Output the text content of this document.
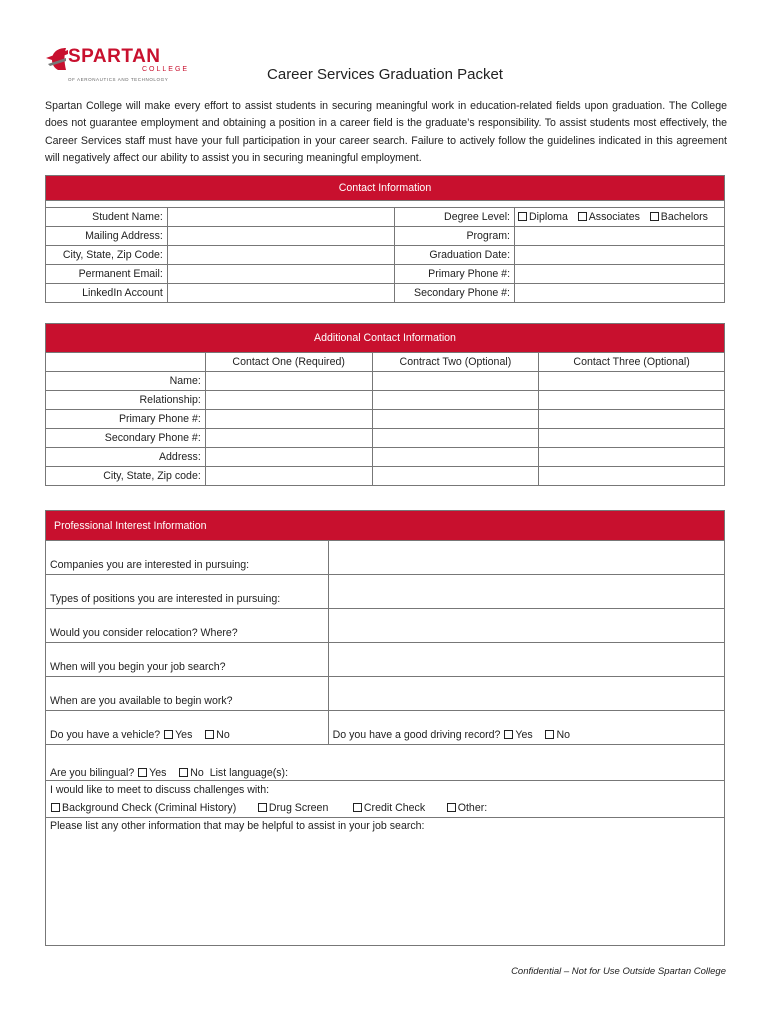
SPARTAN
COLLEGE
OF AERONAUTICS AND TECHNOLOGY	Career Services Graduation Packet
Spartan College will make every effort to assist students in securing meaningful work in education-related fields upon graduation. The College does not guarantee employment and obtaining a position in a career field is the graduate’s responsibility. To assist students most effectively, the Career Services staff must have your full participation in your career search. Failure to actively follow the guidelines indicated in this agreement will negatively affect our ability to assist you in securing meaningful employment.
Contact Information			

Student Name:		Degree Level:	Diploma Associates Bachelors
Mailing Address:		Program:	
City, State, Zip Code:		Graduation Date:	
Permanent Email:		Primary Phone #:	
LinkedIn Account		Secondary Phone #:	
Additional Contact Information			
	Contact One (Required)	Contract Two (Optional)	Contact Three (Optional)
Name:			
Relationship:			
Primary Phone #:			
Secondary Phone #:			
Address:			
City, State, Zip code:			
Professional Interest Information	
Companies you are interested in pursuing:	
Types of positions you are interested in pursuing:	
Would you consider relocation? Where?	
When will you begin your job search?	
When are you available to begin work?	
Do you have a vehicle? Yes No	Do you have a good driving record? Yes No
Are you bilingual? Yes No List language(s):	

I would like to meet to discuss challenges with:
Background Check (Criminal History) Drug Screen Credit Check Other:	

Please list any other information that may be helpful to assist in your job search:	
Confidential – Not for Use Outside Spartan College
